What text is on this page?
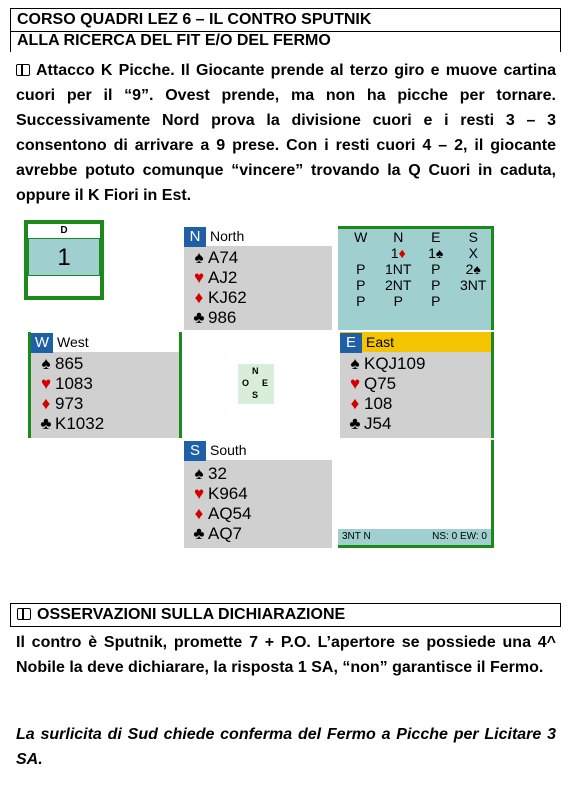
CORSO QUADRI LEZ 6 – IL CONTRO SPUTNIK
ALLA RICERCA DEL FIT E/O DEL FERMO
Attacco K Picche. Il Giocante prende al terzo giro e muove cartina cuori per il “9”. Ovest prende, ma non ha picche per tornare. Successivamente Nord prova la divisione cuori e i resti 3 – 3 consentono di arrivare a 9 prese. Con i resti cuori 4 – 2, il giocante avrebbe potuto comunque “vincere” trovando la Q Cuori in caduta, oppure il K Fiori in Est.
D
1
N North
♠ A74
♥ AJ2
♦ KJ62
♣ 986
W	N	E	S
	1♦	1♠	X
P	1NT	P	2♠
P	2NT	P	3NT
P	P	P	
W West
♠ 865
♥ 1083
♦ 973
♣ K1032
N
O E
S
E East
♠ KQJ109
♥ Q75
♦ 108
♣ J54
S South
♠ 32
♥ K964
♦ AQ54
♣ AQ7	3NT N	NS: 0 EW: 0
OSSERVAZIONI SULLA DICHIARAZIONE
Il contro è Sputnik, promette 7 + P.O. L’apertore se possiede una 4^ Nobile la deve dichiarare, la risposta 1 SA, “non” garantisce il Fermo.
La surlicita di Sud chiede conferma del Fermo a Picche per Licitare 3 SA.
